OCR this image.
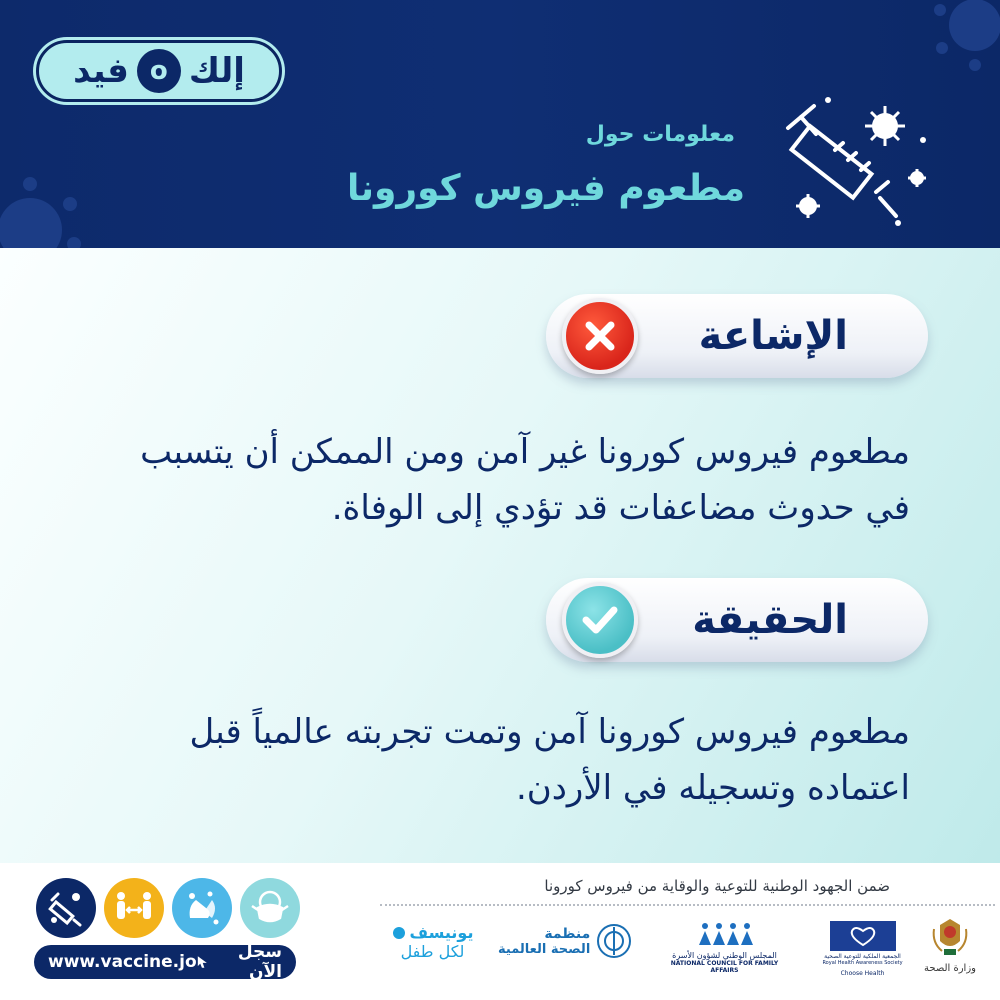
إلك
o
فيد
معلومات حول
مطعوم فيروس كورونا
الإشاعة
مطعوم فيروس كورونا غير آمن ومن الممكن أن يتسبب في حدوث مضاعفات قد تؤدي إلى الوفاة.
الحقيقة
مطعوم فيروس كورونا آمن وتمت تجربته عالمياً قبل اعتماده وتسجيله في الأردن.
www.vaccine.jo	سجل الآن
ضمن الجهود الوطنية للتوعية والوقاية من فيروس كورونا
يونيسف
لكل طفل
منظمة
الصحة العالمية	المجلس الوطني لشؤون الأسرة
NATIONAL COUNCIL FOR FAMILY AFFAIRS
الجمعية الملكية للتوعية الصحية
Royal Health Awareness Society
Choose Health	وزارة الصحة
